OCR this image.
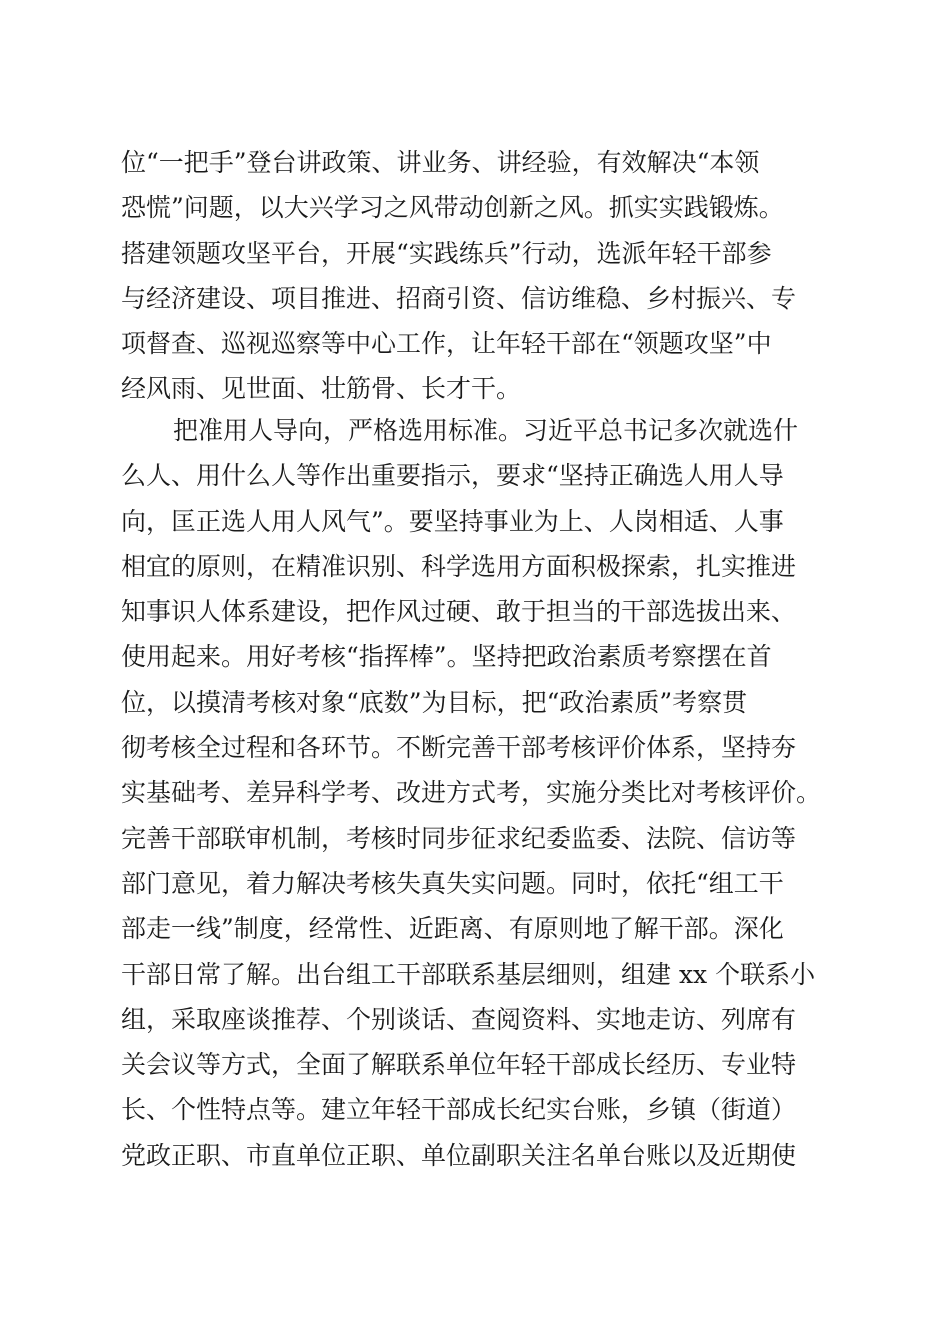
位“一把手”登台讲政策、讲业务、讲经验，有效解决“本领
恐慌”问题，以大兴学习之风带动创新之风。抓实实践锻炼。
搭建领题攻坚平台，开展“实践练兵”行动，选派年轻干部参
与经济建设、项目推进、招商引资、信访维稳、乡村振兴、专
项督查、巡视巡察等中心工作，让年轻干部在“领题攻坚”中
经风雨、见世面、壮筋骨、长才干。
把准用人导向，严格选用标准。习近平总书记多次就选什
么人、用什么人等作出重要指示，要求“坚持正确选人用人导
向，匡正选人用人风气”。要坚持事业为上、人岗相适、人事
相宜的原则，在精准识别、科学选用方面积极探索，扎实推进
知事识人体系建设，把作风过硬、敢于担当的干部选拔出来、
使用起来。用好考核“指挥棒”。坚持把政治素质考察摆在首
位，以摸清考核对象“底数”为目标，把“政治素质”考察贯
彻考核全过程和各环节。不断完善干部考核评价体系，坚持夯
实基础考、差异科学考、改进方式考，实施分类比对考核评价。
完善干部联审机制，考核时同步征求纪委监委、法院、信访等
部门意见，着力解决考核失真失实问题。同时，依托“组工干
部走一线”制度，经常性、近距离、有原则地了解干部。深化
干部日常了解。出台组工干部联系基层细则，组建 xx 个联系小
组，采取座谈推荐、个别谈话、查阅资料、实地走访、列席有
关会议等方式，全面了解联系单位年轻干部成长经历、专业特
长、个性特点等。建立年轻干部成长纪实台账，乡镇（街道）
党政正职、市直单位正职、单位副职关注名单台账以及近期使
